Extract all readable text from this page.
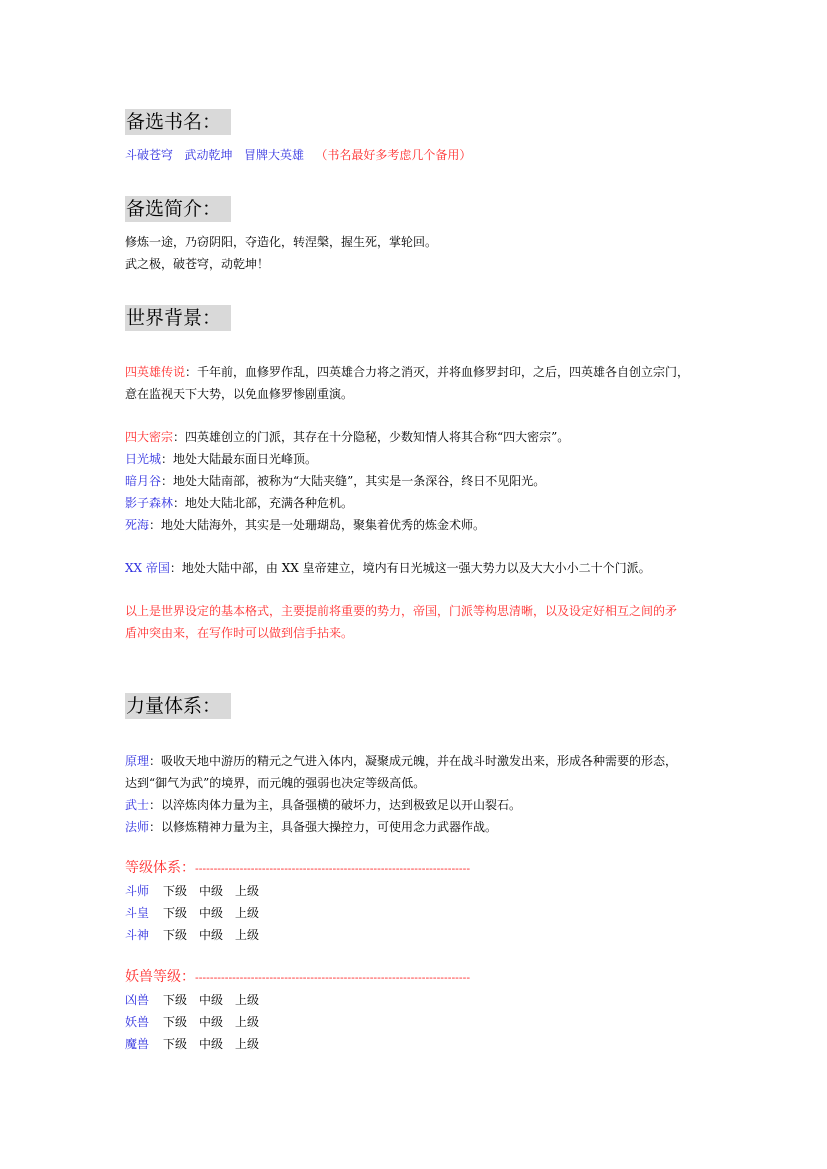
备选书名：
斗破苍穹 武动乾坤 冒牌大英雄 （书名最好多考虑几个备用）
备选简介：
修炼一途，乃窃阴阳，夺造化，转涅槃，握生死，掌轮回。
武之极，破苍穹，动乾坤！
世界背景：
四英雄传说：千年前，血修罗作乱，四英雄合力将之消灭，并将血修罗封印，之后，四英雄各自创立宗门，
意在监视天下大势，以免血修罗惨剧重演。
四大密宗：四英雄创立的门派，其存在十分隐秘，少数知情人将其合称“四大密宗”。
日光城：地处大陆最东面日光峰顶。
暗月谷：地处大陆南部，被称为“大陆夹缝”，其实是一条深谷，终日不见阳光。
影子森林：地处大陆北部，充满各种危机。
死海：地处大陆海外，其实是一处珊瑚岛，聚集着优秀的炼金术师。
XX 帝国：地处大陆中部，由 XX 皇帝建立，境内有日光城这一强大势力以及大大小小二十个门派。
以上是世界设定的基本格式，主要提前将重要的势力，帝国，门派等构思清晰，以及设定好相互之间的矛
盾冲突由来，在写作时可以做到信手拈来。
力量体系：
原理：吸收天地中游历的精元之气进入体内，凝聚成元魄，并在战斗时激发出来，形成各种需要的形态，
达到“御气为武”的境界，而元魄的强弱也决定等级高低。
武士：以淬炼肉体力量为主，具备强横的破坏力，达到极致足以开山裂石。
法师：以修炼精神力量为主，具备强大操控力，可使用念力武器作战。
等级体系：--------------------------------------------------------------------------
斗师 下级 中级 上级
斗皇 下级 中级 上级
斗神 下级 中级 上级
妖兽等级：--------------------------------------------------------------------------
凶兽 下级 中级 上级
妖兽 下级 中级 上级
魔兽 下级 中级 上级
